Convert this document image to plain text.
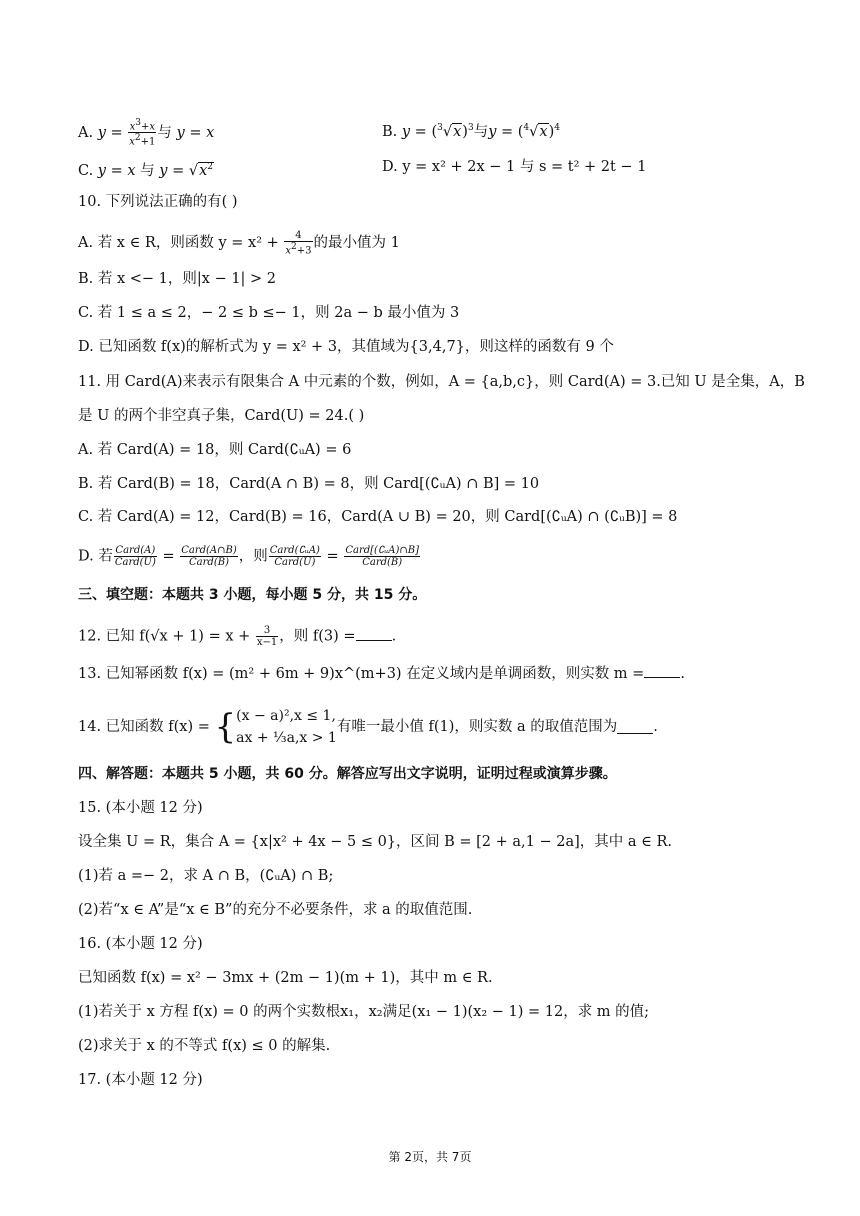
A. $y = \frac{x^3+x}{x^2+1}$ 与 y = x	B. $y = (^3√x)^3$与$y = (^4√x)^4$
C. y = x 与 $y = √x^2$	D. y = x² + 2x − 1 与 s = t² + 2t − 1
10. 下列说法正确的有( )
A. 若 x ∈ R，则函数 $y = x^2 + \frac{4}{x^2+3}$ 的最小值为 1
B. 若 x <− 1，则|x − 1| > 2
C. 若 1 ≤ a ≤ 2，− 2 ≤ b ≤− 1，则 2a − b 最小值为 3
D. 已知函数 f(x)的解析式为 y = x² + 3，其值域为{3,4,7}，则这样的函数有 9 个
11. 用 Card(A)来表示有限集合 A 中元素的个数，例如，A = {a,b,c}，则 Card(A) = 3.已知 U 是全集，A，B
是 U 的两个非空真子集，Card(U) = 24.( )
A. 若 Card(A) = 18，则 Card(∁ᵤA) = 6
B. 若 Card(B) = 18，Card(A ∩ B) = 8，则 Card[(∁ᵤA) ∩ B] = 10
C. 若 Card(A) = 12，Card(B) = 16，Card(A ∪ B) = 20，则 Card[(∁ᵤA) ∩ (∁ᵤB)] = 8
D. 若 $\frac{\text{Card(A)}}{\text{Card(U)}} = \frac{\text{Card(A∩B)}}{\text{Card(B)}}$ ，则 $\frac{\text{Card(∁ᵤA)}}{\text{Card(U)}} = \frac{\text{Card[(∁ᵤA)∩B]}}{\text{Card(B)}}$
三、填空题：本题共 3 小题，每小题 5 分，共 15 分。
12. 已知 $f(√x + 1) = x + \frac{3}{x-1}$ ，则 f(3) = .
13. 已知幂函数 f(x) = (m² + 6m + 9)x^(m+3) 在定义域内是单调函数，则实数 m = .
14. 已知函数 f(x) = { (x − a)²,x ≤ 1,
ax + ⅓a,x > 1
有唯一最小值 f(1)，则实数 a 的取值范围为 .
四、解答题：本题共 5 小题，共 60 分。解答应写出文字说明，证明过程或演算步骤。
15. (本小题 12 分)
设全集 U = R，集合 A = {x|x² + 4x − 5 ≤ 0}，区间 B = [2 + a,1 − 2a]，其中 a ∈ R.
(1)若 a =− 2，求 A ∩ B，(∁ᵤA) ∩ B;
(2)若“x ∈ A”是“x ∈ B”的充分不必要条件，求 a 的取值范围.
16. (本小题 12 分)
已知函数 f(x) = x² − 3mx + (2m − 1)(m + 1)，其中 m ∈ R.
(1)若关于 x 方程 f(x) = 0 的两个实数根x₁，x₂满足(x₁ − 1)(x₂ − 1) = 12，求 m 的值;
(2)求关于 x 的不等式 f(x) ≤ 0 的解集.
17. (本小题 12 分)
第 2页，共 7页
